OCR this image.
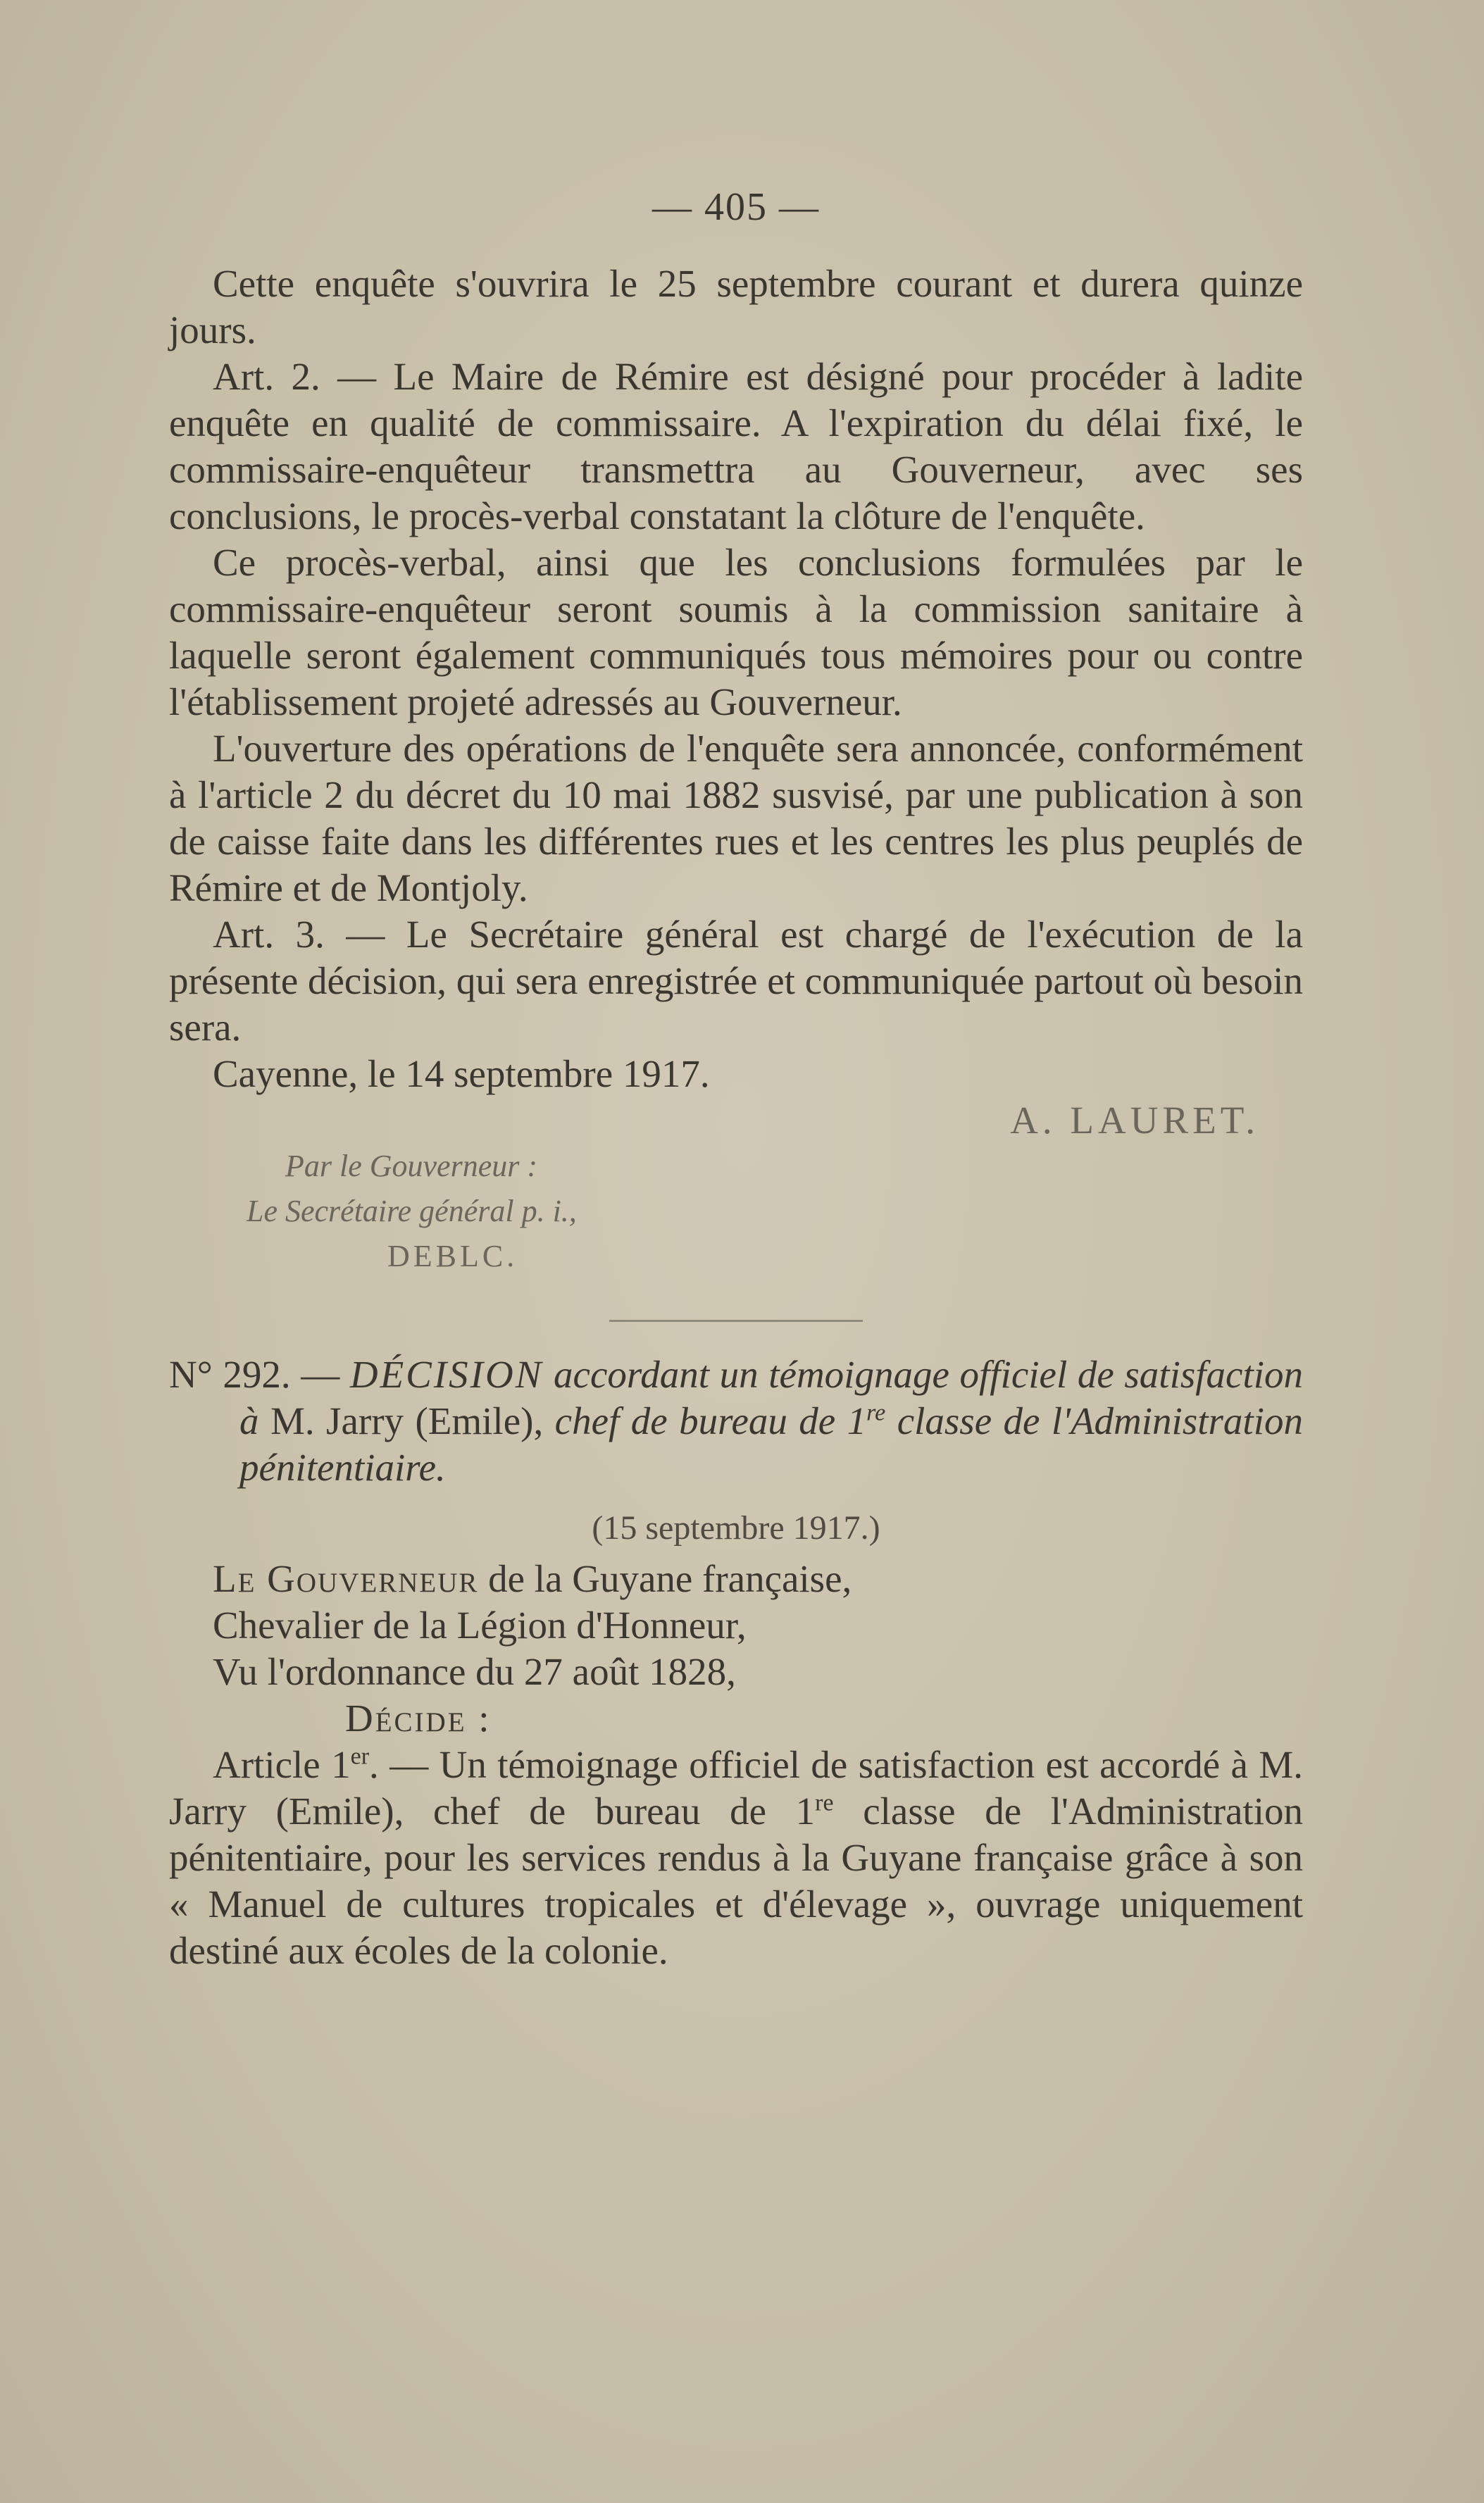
— 405 —

Cette enquête s'ouvrira le 25 septembre courant et durera quinze jours.

Art. 2. — Le Maire de Rémire est désigné pour procéder à ladite enquête en qualité de commissaire. A l'expiration du délai fixé, le commissaire-enquêteur transmettra au Gouverneur, avec ses conclusions, le procès-verbal constatant la clôture de l'enquête.

Ce procès-verbal, ainsi que les conclusions formulées par le commissaire-enquêteur seront soumis à la commission sanitaire à laquelle seront également communiqués tous mémoires pour ou contre l'établissement projeté adressés au Gouverneur.

L'ouverture des opérations de l'enquête sera annoncée, conformément à l'article 2 du décret du 10 mai 1882 susvisé, par une publication à son de caisse faite dans les différentes rues et les centres les plus peuplés de Rémire et de Montjoly.

Art. 3. — Le Secrétaire général est chargé de l'exécution de la présente décision, qui sera enregistrée et communiquée partout où besoin sera.

Cayenne, le 14 septembre 1917.

A. LAURET.

Par le Gouverneur :
Le Secrétaire général p. i.,
DEBLC.

N° 292. — DÉCISION accordant un témoignage officiel de satisfaction à M. Jarry (Emile), chef de bureau de 1re classe de l'Administration pénitentiaire.

(15 septembre 1917.)

Le Gouverneur de la Guyane française,

Chevalier de la Légion d'Honneur,

Vu l'ordonnance du 27 août 1828,

Décide :

Article 1er. — Un témoignage officiel de satisfaction est accordé à M. Jarry (Emile), chef de bureau de 1re classe de l'Administration pénitentiaire, pour les services rendus à la Guyane française grâce à son « Manuel de cultures tropicales et d'élevage », ouvrage uniquement destiné aux écoles de la colonie.
